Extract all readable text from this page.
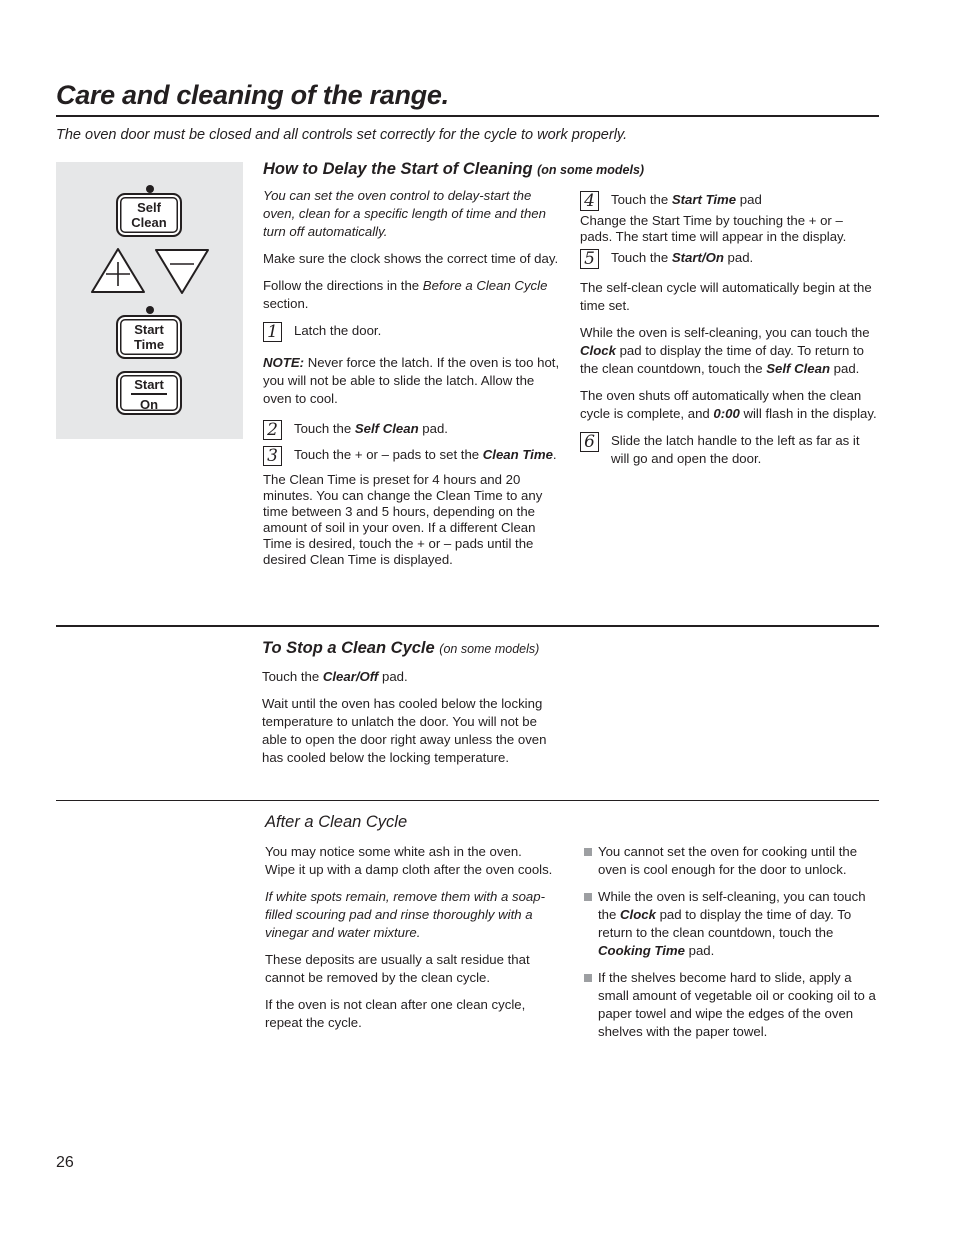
Care and cleaning of the range.

The oven door must be closed and all controls set correctly for the cycle to work properly.

Self
Clean
Start
Time
Start
On
How to Delay the Start of Cleaning (on some models)

You can set the oven control to delay-start the oven, clean for a specific length of time and then turn off automatically.

Make sure the clock shows the correct time of day.

Follow the directions in the Before a Clean Cycle section.

1	Latch the door.

NOTE: Never force the latch. If the oven is too hot, you will not be able to slide the latch. Allow the oven to cool.

2	Touch the Self Clean pad.
3	Touch the + or – pads to set the Clean Time.

The Clean Time is preset for 4 hours and 20 minutes. You can change the Clean Time to any time between 3 and 5 hours, depending on the amount of soil in your oven. If a different Clean Time is desired, touch the + or – pads until the desired Clean Time is displayed.

4	Touch the Start Time pad

Change the Start Time by touching the + or – pads. The start time will appear in the display.

5	Touch the Start/On pad.

The self-clean cycle will automatically begin at the time set.

While the oven is self-cleaning, you can touch the Clock pad to display the time of day. To return to the clean countdown, touch the Self Clean pad.

The oven shuts off automatically when the clean cycle is complete, and 0:00 will flash in the display.

6	Slide the latch handle to the left as far as it will go and open the door.
To Stop a Clean Cycle (on some models)

Touch the Clear/Off pad.

Wait until the oven has cooled below the locking temperature to unlatch the door. You will not be able to open the door right away unless the oven has cooled below the locking temperature.

After a Clean Cycle

You may notice some white ash in the oven. Wipe it up with a damp cloth after the oven cools.

If white spots remain, remove them with a soap-filled scouring pad and rinse thoroughly with a vinegar and water mixture.

These deposits are usually a salt residue that cannot be removed by the clean cycle.

If the oven is not clean after one clean cycle, repeat the cycle.

You cannot set the oven for cooking until the oven is cool enough for the door to unlock.
While the oven is self-cleaning, you can touch the Clock pad to display the time of day. To return to the clean countdown, touch the Cooking Time pad.
If the shelves become hard to slide, apply a small amount of vegetable oil or cooking oil to a paper towel and wipe the edges of the oven shelves with the paper towel.
26
